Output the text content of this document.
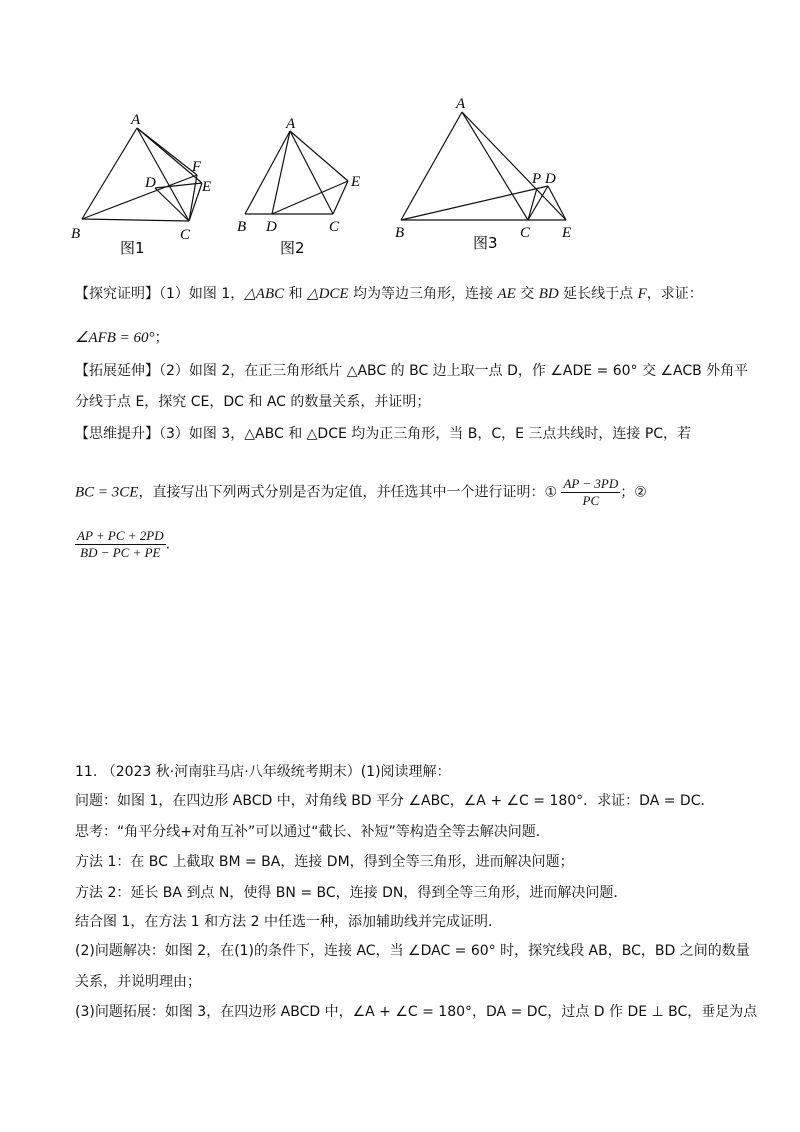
A
B	C
D	E
F
图1
A
B	C
D
E
图2
A
B	C
D
E
P
图3
【探究证明】（1）如图 1，△ABC 和 △DCE 均为等边三角形，连接 AE 交 BD 延长线于点 F，求证：
∠AFB = 60°；
【拓展延伸】（2）如图 2，在正三角形纸片 △ABC 的 BC 边上取一点 D，作 ∠ADE = 60° 交 ∠ACB 外角平
分线于点 E，探究 CE，DC 和 AC 的数量关系，并证明；
【思维提升】（3）如图 3，△ABC 和 △DCE 均为正三角形，当 B，C，E 三点共线时，连接 PC，若
BC = 3CE，直接写出下列两式分别是否为定值，并任选其中一个进行证明：① $\frac{AP - 3PD}{PC}$ ；②
$\frac{AP + PC + 2PD}{BD - PC + PE}$ .
11. （2023 秋·河南驻马店·八年级统考期末）(1)阅读理解：
问题：如图 1，在四边形 ABCD 中，对角线 BD 平分 ∠ABC，∠A + ∠C = 180°．求证：DA = DC．
思考：“角平分线+对角互补”可以通过“截长、补短”等构造全等去解决问题．
方法 1：在 BC 上截取 BM = BA，连接 DM，得到全等三角形，进而解决问题；
方法 2：延长 BA 到点 N，使得 BN = BC，连接 DN，得到全等三角形，进而解决问题．
结合图 1，在方法 1 和方法 2 中任选一种，添加辅助线并完成证明．
(2)问题解决：如图 2，在(1)的条件下，连接 AC，当 ∠DAC = 60° 时，探究线段 AB，BC，BD 之间的数量
关系，并说明理由；
(3)问题拓展：如图 3，在四边形 ABCD 中，∠A + ∠C = 180°，DA = DC，过点 D 作 DE ⊥ BC，垂足为点
